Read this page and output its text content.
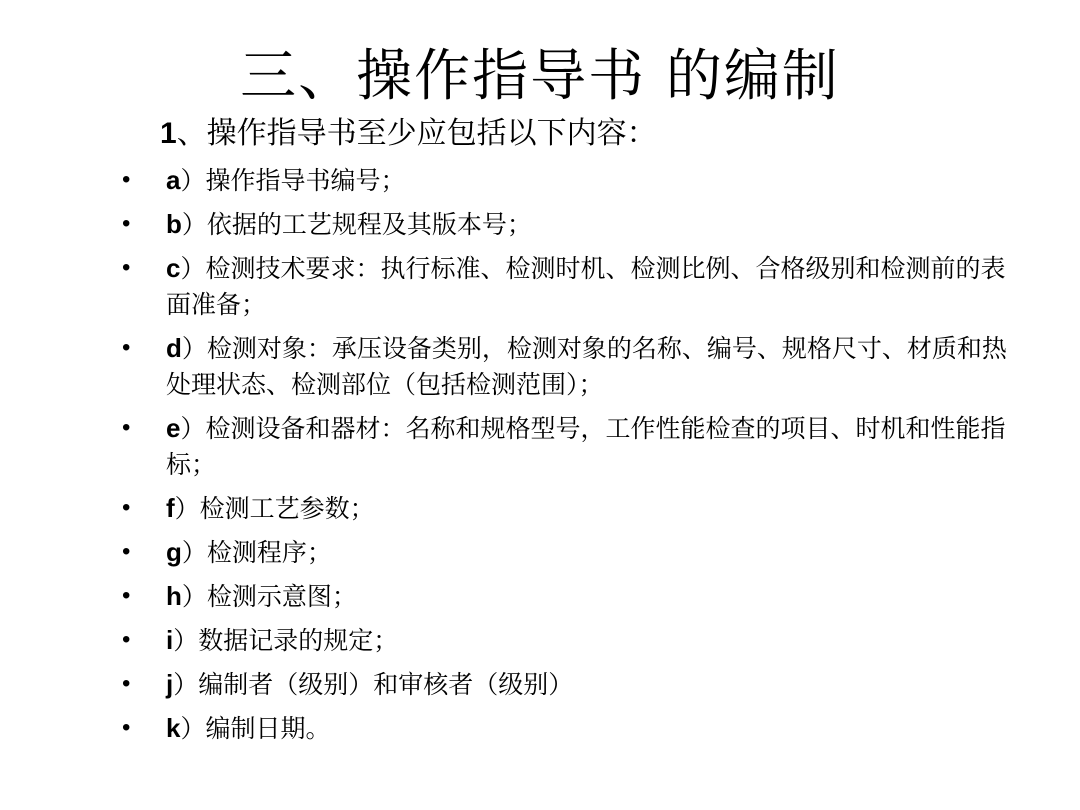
三、操作指导书 的编制
1、操作指导书至少应包括以下内容：
• a）操作指导书编号；
• b）依据的工艺规程及其版本号；
• c）检测技术要求：执行标准、检测时机、检测比例、合格级别和检测前的表面准备；
• d）检测对象：承压设备类别，检测对象的名称、编号、规格尺寸、材质和热处理状态、检测部位（包括检测范围）；
• e）检测设备和器材：名称和规格型号，工作性能检查的项目、时机和性能指标；
• f）检测工艺参数；
• g）检测程序；
• h）检测示意图；
• i）数据记录的规定；
• j）编制者（级别）和审核者（级别）
• k）编制日期。
